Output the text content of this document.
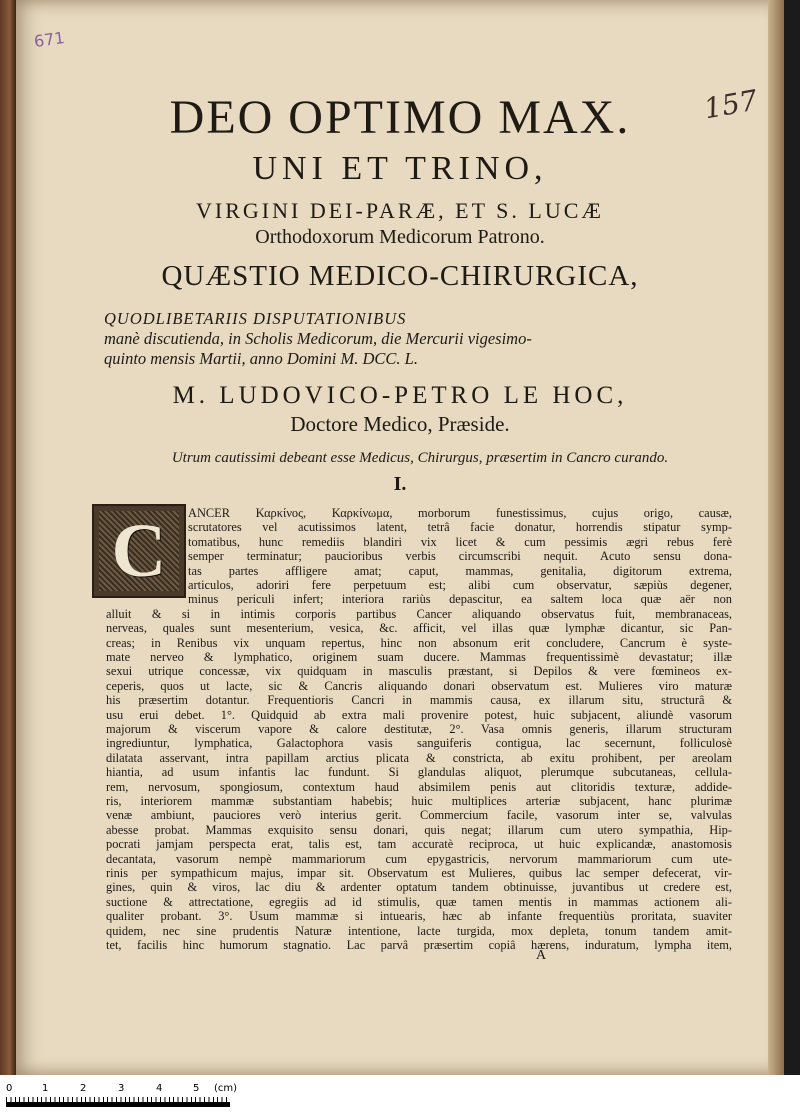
671
157
DEO OPTIMO MAX.
UNI ET TRINO,
VIRGINI DEI-PARÆ, ET S. LUCÆ
Orthodoxorum Medicorum Patrono.
QUÆSTIO MEDICO-CHIRURGICA,
QUODLIBETARIIS DISPUTATIONIBUS
manè discutienda, in Scholis Medicorum, die Mercurii vigesimo-
quinto mensis Martii, anno Domini M. DCC. L.
M. LUDOVICO-PETRO LE HOC,
Doctore Medico, Præside.
Utrum cautissimi debeant esse Medicus, Chirurgus, præsertim in Cancro curando.
I.
C	ANCER Καρκίνος, Καρκίνωμα, morborum funestissimus, cujus origo, causæ,
scrutatores vel acutissimos latent, tetrâ facie donatur, horrendis stipatur symp-
tomatibus, hunc remediis blandiri vix licet & cum pessimis ægri rebus ferè
semper terminatur; paucioribus verbis circumscribi nequit. Acuto sensu dona-
tas partes affligere amat; caput, mammas, genitalia, digitorum extrema,
articulos, adoriri fere perpetuum est; alibi cum observatur, sæpiùs degener,
minus periculi infert; interiora rariùs depascitur, ea saltem loca quæ aër non
alluit & si in intimis corporis partibus Cancer aliquando observatus fuit, membranaceas,
nerveas, quales sunt mesenterium, vesica, &c. afficit, vel illas quæ lymphæ dicantur, sic Pan-
creas; in Renibus vix unquam repertus, hinc non absonum erit concludere, Cancrum è syste-
mate nerveo & lymphatico, originem suam ducere. Mammas frequentissimè devastatur; illæ
sexui utrique concessæ, vix quidquam in masculis præstant, si Depilos & vere fœmineos ex-
ceperis, quos ut lacte, sic & Cancris aliquando donari observatum est. Mulieres viro maturæ
his præsertim dotantur. Frequentioris Cancri in mammis causa, ex illarum situ, structurâ &
usu erui debet. 1°. Quidquid ab extra mali provenire potest, huic subjacent, aliundè vasorum
majorum & viscerum vapore & calore destitutæ, 2°. Vasa omnis generis, illarum structuram
ingrediuntur, lymphatica, Galactophora vasis sanguiferis contigua, lac secernunt, folliculosè
dilatata asservant, intra papillam arctius plicata & constricta, ab exitu prohibent, per areolam
hiantia, ad usum infantis lac fundunt. Si glandulas aliquot, plerumque subcutaneas, cellula-
rem, nervosum, spongiosum, contextum haud absimilem penis aut clitoridis texturæ, addide-
ris, interiorem mammæ substantiam habebis; huic multiplices arteriæ subjacent, hanc plurimæ
venæ ambiunt, pauciores verò interius gerit. Commercium facile, vasorum inter se, valvulas
abesse probat. Mammas exquisito sensu donari, quis negat; illarum cum utero sympathia, Hip-
pocrati jamjam perspecta erat, talis est, tam accuratè reciproca, ut huic explicandæ, anastomosis
decantata, vasorum nempè mammariorum cum epygastricis, nervorum mammariorum cum ute-
rinis per sympathicum majus, impar sit. Observatum est Mulieres, quibus lac semper defecerat, vir-
gines, quin & viros, lac diu & ardenter optatum tandem obtinuisse, juvantibus ut credere est,
suctione & attrectatione, egregiis ad id stimulis, quæ tamen mentis in mammas actionem ali-
qualiter probant. 3°. Usum mammæ si intuearis, hæc ab infante frequentiùs proritata, suaviter
quidem, nec sine prudentis Naturæ intentione, lacte turgida, mox depleta, tonum tandem amit-
tet, facilis hinc humorum stagnatio. Lac parvâ præsertim copiâ hærens, induratum, lympha item,
A
0	1	2	3	4	5 (cm)
